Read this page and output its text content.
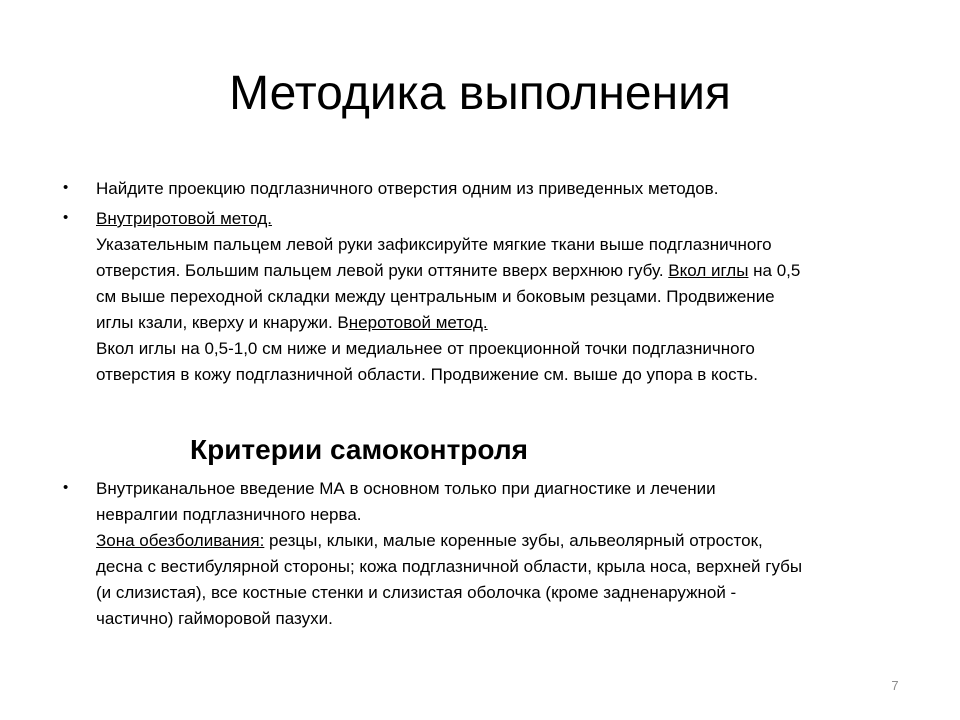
Методика выполнения
• Найдите проекцию подглазничного отверстия одним из приведенных методов.
• Внутриротовой метод.
Указательным пальцем левой руки зафиксируйте мягкие ткани выше подглазничного
отверстия. Большим пальцем левой руки оттяните вверх верхнюю губу. Вкол иглы на 0,5
см выше переходной складки между центральным и боковым резцами. Продвижение
иглы кзали, кверху и кнаружи. Внеротовой метод.
Вкол иглы на 0,5-1,0 см ниже и медиальнее от проекционной точки подглазничного
отверстия в кожу подглазничной области. Продвижение см. выше до упора в кость.
Критерии самоконтроля
• Внутриканальное введение МА в основном только при диагностике и лечении
невралгии подглазничного нерва.
Зона обезболивания: резцы, клыки, малые коренные зубы, альвеолярный отросток,
десна с вестибулярной стороны; кожа подглазничной области, крыла носа, верхней губы
(и слизистая), все костные стенки и слизистая оболочка (кроме задненаружной -
частично) гаймоpовой пазухи.
7
